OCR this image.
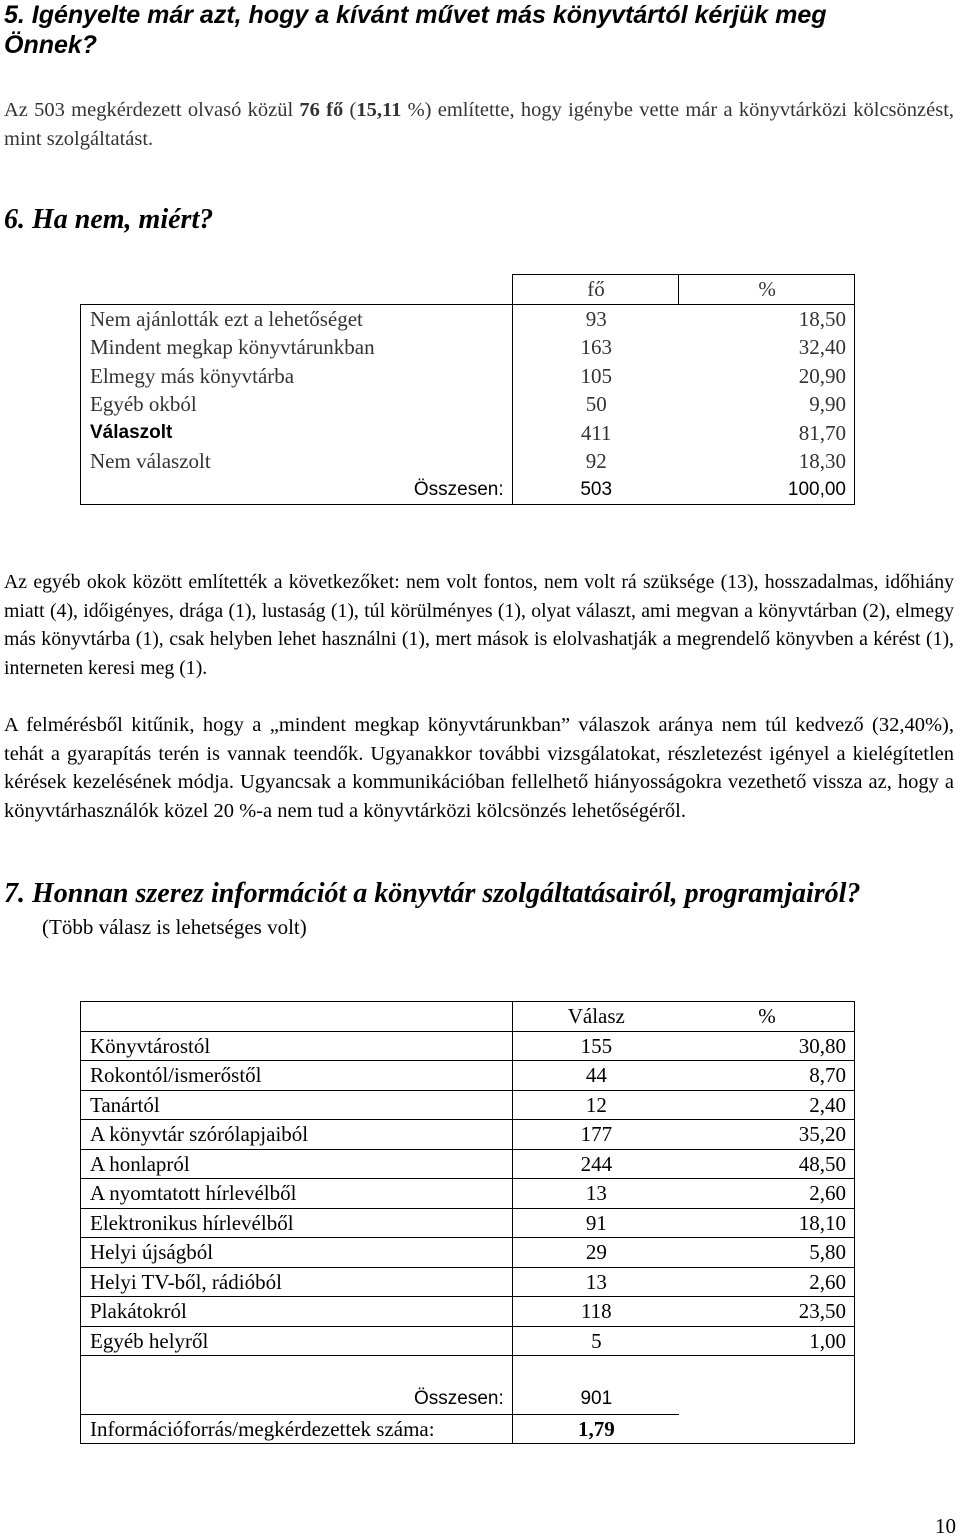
5. Igényelte már azt, hogy a kívánt művet más könyvtártól kérjük meg

Önnek?

Az 503 megkérdezett olvasó közül 76 fő (15,11 %) említette, hogy igénybe vette már a könyvtárközi kölcsönzést, mint szolgáltatást.

6. Ha nem, miért?

	fő	%
Nem ajánlották ezt a lehetőséget	93	18,50
Mindent megkap könyvtárunkban	163	32,40
Elmegy más könyvtárba	105	20,90
Egyéb okból	50	9,90
Válaszolt	411	81,70
Nem válaszolt	92	18,30
Összesen:	503	100,00

Az egyéb okok között említették a következőket: nem volt fontos, nem volt rá szüksége (13), hosszadalmas, időhiány miatt (4), időigényes, drága (1), lustaság (1), túl körülményes (1), olyat választ, ami megvan a könyvtárban (2), elmegy más könyvtárba (1), csak helyben lehet használni (1), mert mások is elolvashatják a megrendelő könyvben a kérést (1), interneten keresi meg (1).

A felmérésből kitűnik, hogy a „mindent megkap könyvtárunkban” válaszok aránya nem túl kedvező (32,40%), tehát a gyarapítás terén is vannak teendők. Ugyanakkor további vizsgálatokat, részletezést igényel a kielégítetlen kérések kezelésének módja. Ugyancsak a kommunikációban fellelhető hiányosságokra vezethető vissza az, hogy a könyvtárhasználók közel 20 %-a nem tud a könyvtárközi kölcsönzés lehetőségéről.

7. Honnan szerez információt a könyvtár szolgáltatásairól, programjairól?

(Több válasz is lehetséges volt)

	Válasz	%
Könyvtárostól	155	30,80
Rokontól/ismerőstől	44	8,70
Tanártól	12	2,40
A könyvtár szórólapjaiból	177	35,20
A honlapról	244	48,50
A nyomtatott hírlevélből	13	2,60
Elektronikus hírlevélből	91	18,10
Helyi újságból	29	5,80
Helyi TV-ből, rádióból	13	2,60
Plakátokról	118	23,50
Egyéb helyről	5	1,00

Összesen:	901	
Információforrás/megkérdezettek száma:	1,79	
10
